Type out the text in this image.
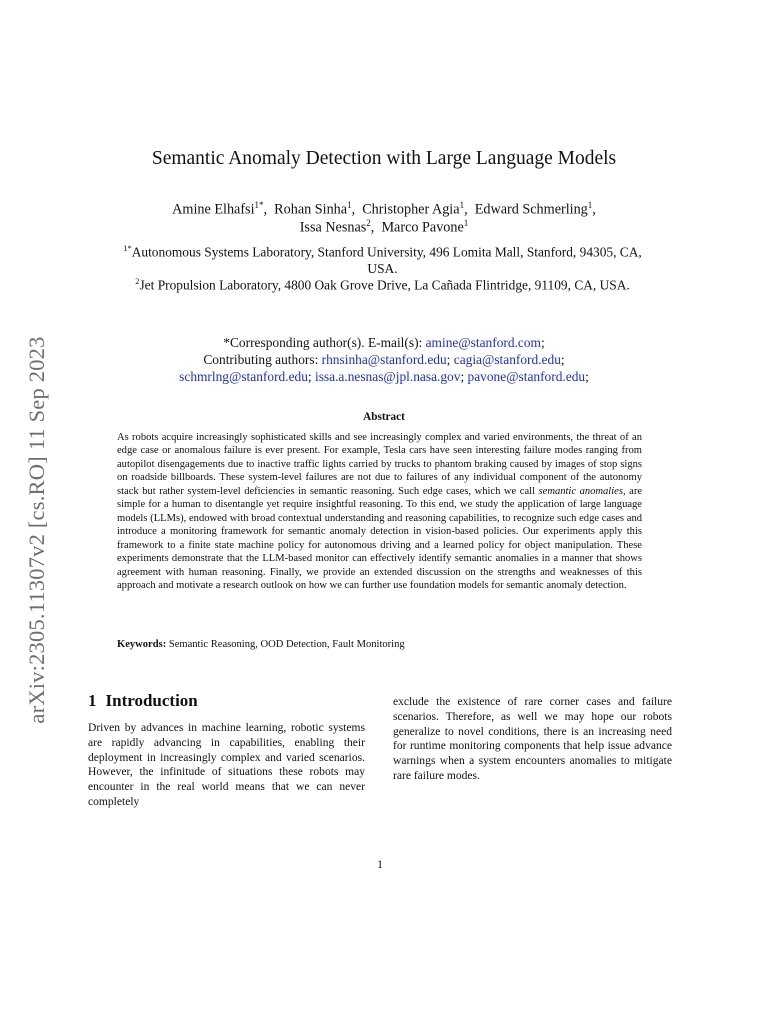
arXiv:2305.11307v2 [cs.RO] 11 Sep 2023
Semantic Anomaly Detection with Large Language Models
Amine Elhafsi$^{1*}$,  Rohan Sinha$^1$,  Christopher Agia$^1$,  Edward Schmerling$^1$,
Issa Nesnas$^2$,  Marco Pavone$^1$
$^{1*}$Autonomous Systems Laboratory, Stanford University, 496 Lomita Mall, Stanford, 94305, CA, USA.
$^2$Jet Propulsion Laboratory, 4800 Oak Grove Drive, La Cañada Flintridge, 91109, CA, USA.
*Corresponding author(s). E-mail(s): amine@stanford.com;
Contributing authors: rhnsinha@stanford.edu; cagia@stanford.edu;
schmrlng@stanford.edu; issa.a.nesnas@jpl.nasa.gov; pavone@stanford.edu;
Abstract

As robots acquire increasingly sophisticated skills and see increasingly complex and varied environments, the threat of an edge case or anomalous failure is ever present. For example, Tesla cars have seen interesting failure modes ranging from autopilot disengagements due to inactive traffic lights carried by trucks to phantom braking caused by images of stop signs on roadside billboards. These system-level failures are not due to failures of any individual component of the autonomy stack but rather system-level deficiencies in semantic reasoning. Such edge cases, which we call semantic anomalies, are simple for a human to disentangle yet require insightful reasoning. To this end, we study the application of large language models (LLMs), endowed with broad contextual understanding and reasoning capabilities, to recognize such edge cases and introduce a monitoring framework for semantic anomaly detection in vision-based policies. Our experiments apply this framework to a finite state machine policy for autonomous driving and a learned policy for object manipulation. These experiments demonstrate that the LLM-based monitor can effectively identify semantic anomalies in a manner that shows agreement with human reasoning. Finally, we provide an extended discussion on the strengths and weaknesses of this approach and motivate a research outlook on how we can further use foundation models for semantic anomaly detection.

Keywords: Semantic Reasoning, OOD Detection, Fault Monitoring
1 Introduction

Driven by advances in machine learning, robotic systems are rapidly advancing in capabilities, enabling their deployment in increasingly complex and varied scenarios. However, the infinitude of situations these robots may encounter in the real world means that we can never completely

exclude the existence of rare corner cases and failure scenarios. Therefore, as well we may hope our robots generalize to novel conditions, there is an increasing need for runtime monitoring components that help issue advance warnings when a system encounters anomalies to mitigate rare failure modes.

1
